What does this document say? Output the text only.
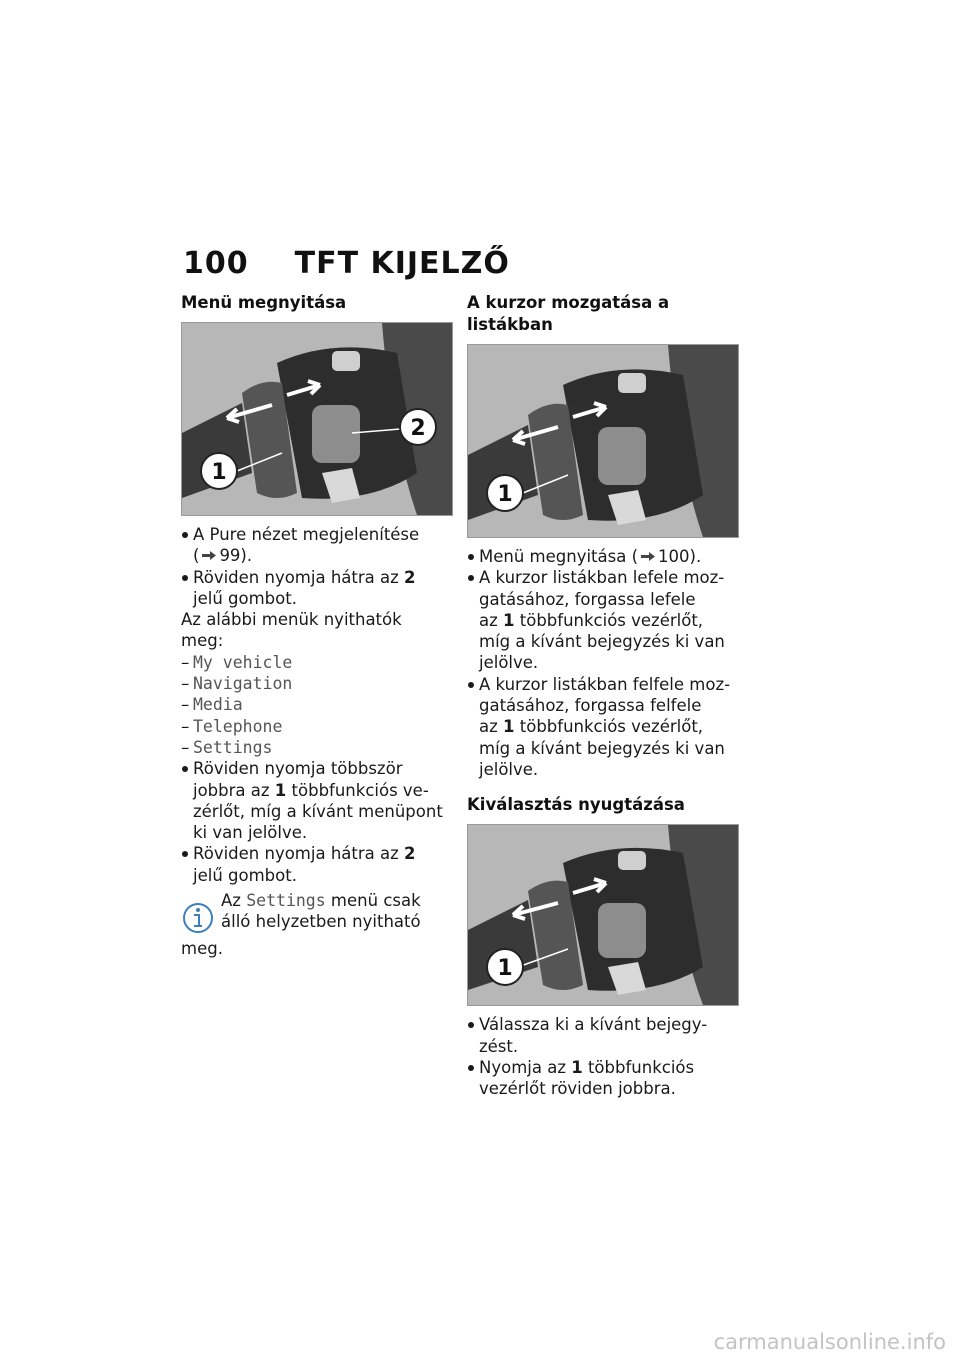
100 TFT KIJELZŐ
Menü megnyitása
1
2
A Pure nézet megjelenítése
( 99).
Röviden nyomja hátra az 2
jelű gombot.

Az alábbi menük nyithatók
meg:

– My vehicle
– Navigation
– Media
– Telephone
– Settings
Röviden nyomja többször
jobbra az 1 többfunkciós ve-
zérlőt, míg a kívánt menüpont
ki van jelölve.
Röviden nyomja hátra az 2
jelű gombot.
Az Settings menü csak
álló helyzetben nyitható

meg.
A kurzor mozgatása a
listákban
1
Menü megnyitása ( 100).
A kurzor listákban lefele moz-
gatásához, forgassa lefele
az 1 többfunkciós vezérlőt,
míg a kívánt bejegyzés ki van
jelölve.
A kurzor listákban felfele moz-
gatásához, forgassa felfele
az 1 többfunkciós vezérlőt,
míg a kívánt bejegyzés ki van
jelölve.
Kiválasztás nyugtázása
1
Válassza ki a kívánt bejegy-
zést.
Nyomja az 1 többfunkciós
vezérlőt röviden jobbra.
carmanualsonline.info
